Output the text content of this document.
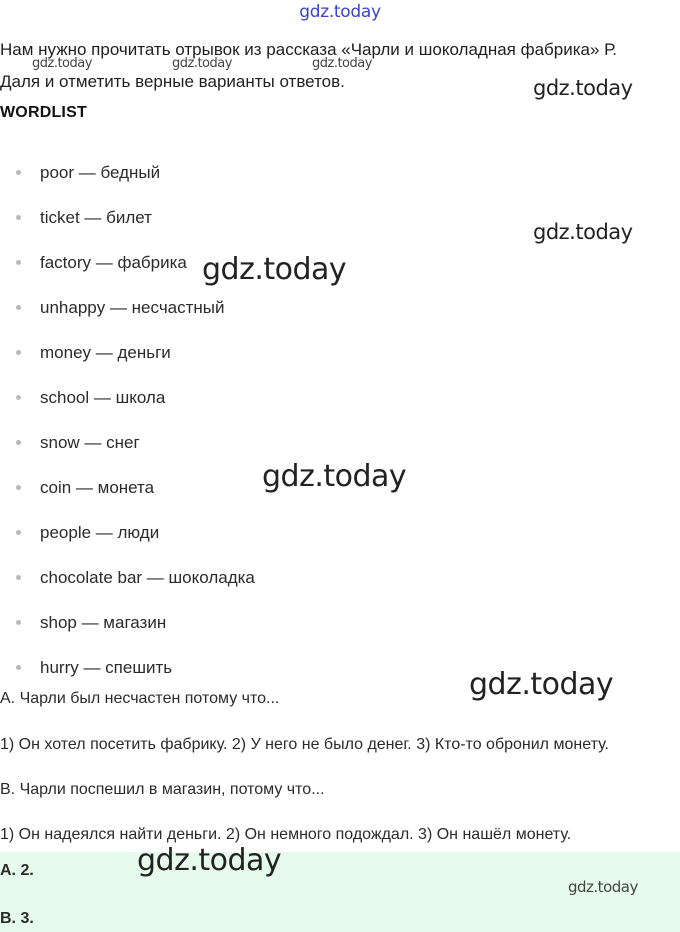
gdz.today
Нам нужно прочитать отрывок из рассказа «Чарли и шоколадная фабрика» Р.
Даля и отметить верные варианты ответов.
WORDLIST
poor — бедный
ticket — билет
factory — фабрика
unhappy — несчастный
money — деньги
school — школа
snow — снег
coin — монета
people — люди
chocolate bar — шоколадка
shop — магазин
hurry — спешить
A. Чарли был несчастен потому что...
1) Он хотел посетить фабрику. 2) У него не было денег. 3) Кто-то обронил монету.
B. Чарли поспешил в магазин, потому что...
1) Он надеялся найти деньги. 2) Он немного подождал. 3) Он нашёл монету.
A. 2.
B. 3.
gdz.today	gdz.today	gdz.today
gdz.today
gdz.today
gdz.today
gdz.today
gdz.today
gdz.today
gdz.today
